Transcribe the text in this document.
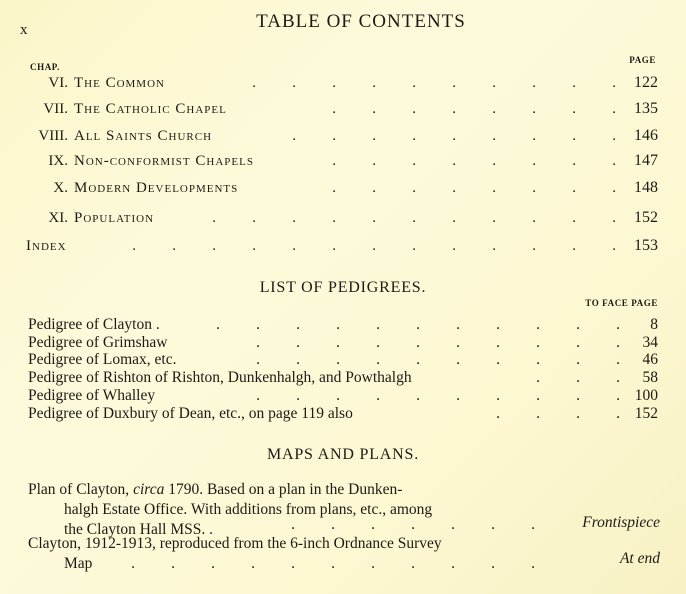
x	TABLE OF CONTENTS
CHAP.
PAGE
VI. The Common	. . . . . . . . . . 122
VII. The Catholic Chapel	. . . . . . . . 135
VIII. All Saints Church	. . . . . . . . . 146
IX. Non-conformist Chapels	. . . . . . . . 147
X. Modern Developments	. . . . . . . . 148
XI. Population	. . . . . . . . . . . 152
Index	. . . . . . . . . . . . . 153
LIST OF PEDIGREES.
TO FACE PAGE
Pedigree of Clayton .	. . . . . . . . . . . 8
Pedigree of Grimshaw	. . . . . . . . . . 34
Pedigree of Lomax, etc.	. . . . . . . . . . 46
Pedigree of Rishton of Rishton, Dunkenhalgh, and Powthalgh	. . . 58
Pedigree of Whalley	. . . . . . . . . . 100
Pedigree of Duxbury of Dean, etc., on page 119 also	. . . . 152
MAPS AND PLANS.
Plan of Clayton, circa 1790. Based on a plan in the Dunken-
halgh Estate Office. With additions from plans, etc., among
the Clayton Hall MSS. .	. . . . . . .	Frontispiece
Clayton, 1912-1913, reproduced from the 6-inch Ordnance Survey
Map	. . . . . . . . . . .	At end
